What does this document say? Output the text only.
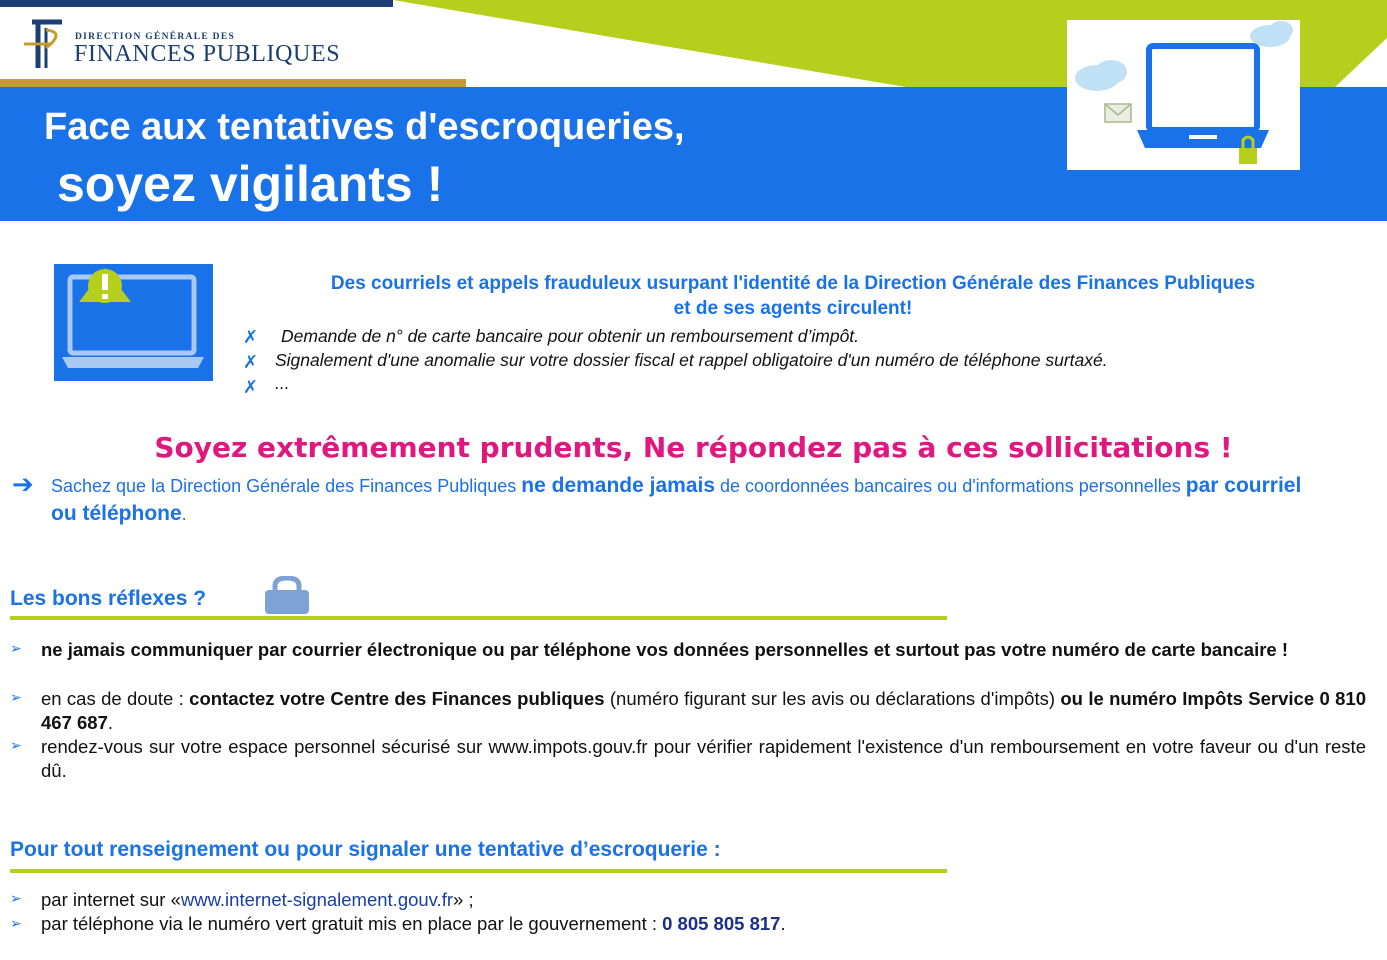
DIRECTION GÉNÉRALE DES
FINANCES PUBLIQUES
Face aux tentatives d'escroqueries,
soyez vigilants !
Des courriels et appels frauduleux usurpant l'identité de la Direction Générale des Finances Publiques
et de ses agents circulent!
✗ Demande de n° de carte bancaire pour obtenir un remboursement d’impôt.
✗ Signalement d'une anomalie sur votre dossier fiscal et rappel obligatoire d'un numéro de téléphone surtaxé.
✗ ...
Soyez extrêmement prudents, Ne répondez pas à ces sollicitations !
➔ Sachez que la Direction Générale des Finances Publiques ne demande jamais de coordonnées bancaires ou d'informations personnelles par courriel ou téléphone.
Les bons réflexes ?
➢ ne jamais communiquer par courrier électronique ou par téléphone vos données personnelles et surtout pas votre numéro de carte bancaire !
➢ en cas de doute : contactez votre Centre des Finances publiques (numéro figurant sur les avis ou déclarations d'impôts) ou le numéro Impôts Service 0 810 467 687.
➢ rendez-vous sur votre espace personnel sécurisé sur www.impots.gouv.fr pour vérifier rapidement l'existence d'un remboursement en votre faveur ou d'un reste dû.
Pour tout renseignement ou pour signaler une tentative d’escroquerie :
➢ par internet sur «www.internet-signalement.gouv.fr» ;
➢ par téléphone via le numéro vert gratuit mis en place par le gouvernement : 0 805 805 817.
